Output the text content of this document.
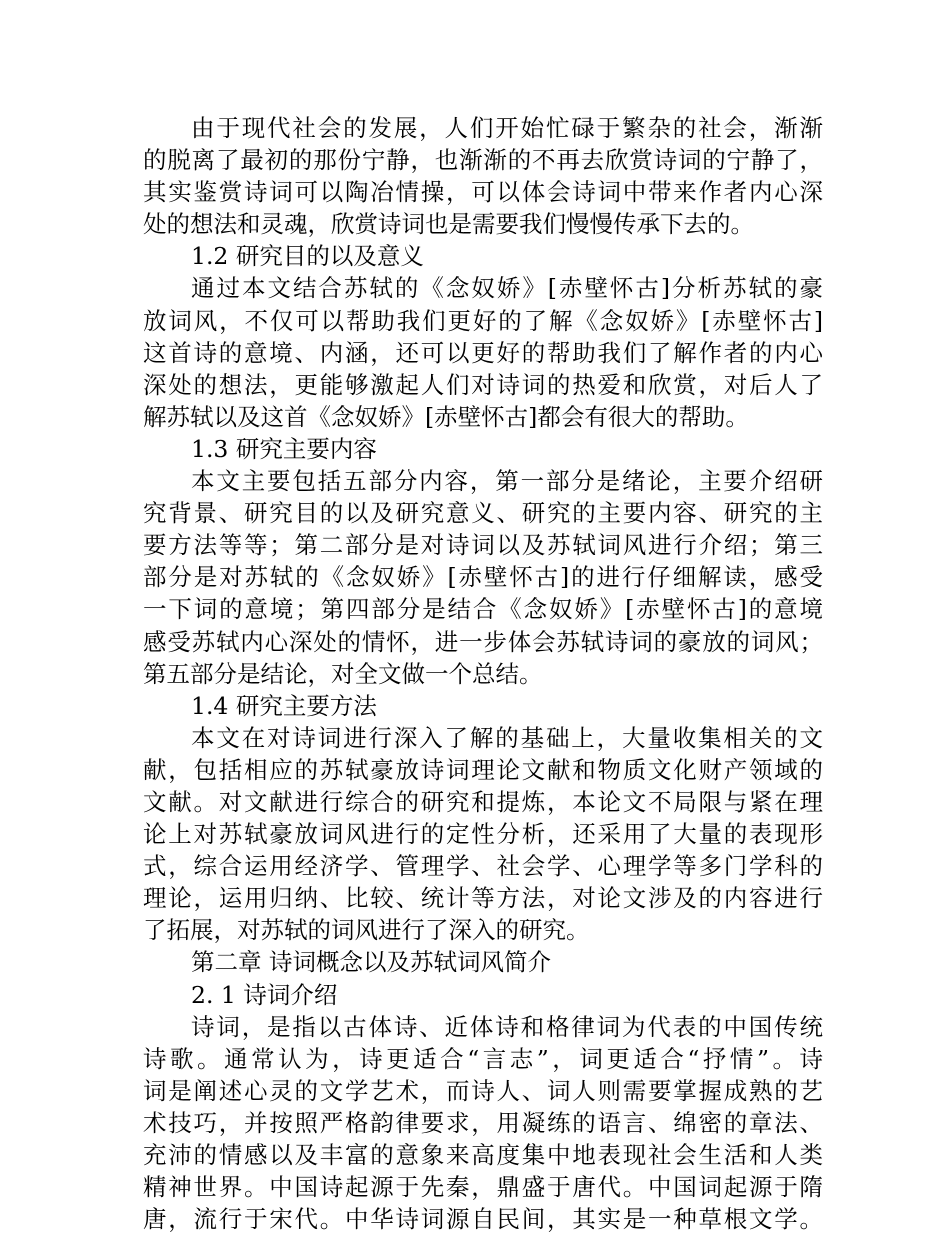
由于现代社会的发展，人们开始忙碌于繁杂的社会，渐渐
的脱离了最初的那份宁静，也渐渐的不再去欣赏诗词的宁静了，
其实鉴赏诗词可以陶冶情操，可以体会诗词中带来作者内心深
处的想法和灵魂，欣赏诗词也是需要我们慢慢传承下去的。
1.2 研究目的以及意义
通过本文结合苏轼的《念奴娇》[赤壁怀古]分析苏轼的豪
放词风，不仅可以帮助我们更好的了解《念奴娇》[赤壁怀古]
这首诗的意境、内涵，还可以更好的帮助我们了解作者的内心
深处的想法，更能够激起人们对诗词的热爱和欣赏，对后人了
解苏轼以及这首《念奴娇》[赤壁怀古]都会有很大的帮助。
1.3 研究主要内容
本文主要包括五部分内容，第一部分是绪论，主要介绍研
究背景、研究目的以及研究意义、研究的主要内容、研究的主
要方法等等；第二部分是对诗词以及苏轼词风进行介绍；第三
部分是对苏轼的《念奴娇》[赤壁怀古]的进行仔细解读，感受
一下词的意境；第四部分是结合《念奴娇》[赤壁怀古]的意境
感受苏轼内心深处的情怀，进一步体会苏轼诗词的豪放的词风；
第五部分是结论，对全文做一个总结。
1.4 研究主要方法
本文在对诗词进行深入了解的基础上，大量收集相关的文
献，包括相应的苏轼豪放诗词理论文献和物质文化财产领域的
文献。对文献进行综合的研究和提炼，本论文不局限与紧在理
论上对苏轼豪放词风进行的定性分析，还采用了大量的表现形
式，综合运用经济学、管理学、社会学、心理学等多门学科的
理论，运用归纳、比较、统计等方法，对论文涉及的内容进行
了拓展，对苏轼的词风进行了深入的研究。
第二章 诗词概念以及苏轼词风简介
2. 1 诗词介绍
诗词，是指以古体诗、近体诗和格律词为代表的中国传统
诗歌。通常认为，诗更适合“言志”，词更适合“抒情”。诗
词是阐述心灵的文学艺术，而诗人、词人则需要掌握成熟的艺
术技巧，并按照严格韵律要求，用凝练的语言、绵密的章法、
充沛的情感以及丰富的意象来高度集中地表现社会生活和人类
精神世界。中国诗起源于先秦，鼎盛于唐代。中国词起源于隋
唐，流行于宋代。中华诗词源自民间，其实是一种草根文学。
